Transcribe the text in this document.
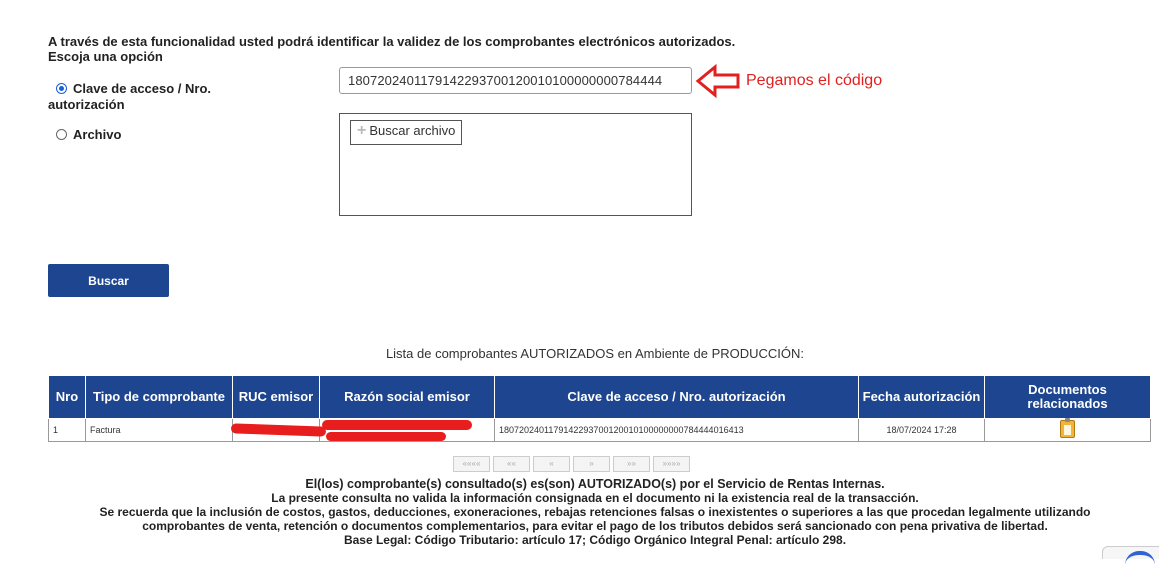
A través de esta funcionalidad usted podrá identificar la validez de los comprobantes electrónicos autorizados.
Escoja una opción
Clave de acceso / Nro.
autorización
Archivo
1807202401179142293700120010100000000784444
Pegamos el código
+ Buscar archivo
Buscar
Lista de comprobantes AUTORIZADOS en Ambiente de PRODUCCIÓN:
Nro	Tipo de comprobante	RUC emisor	Razón social emisor	Clave de acceso / Nro. autorización	Fecha autorización	Documentos relacionados
1	Factura			1807202401179142293700120010100000000784444016413	18/07/2024 17:28	
««««	««	«	»	»»	»»»»
El(los) comprobante(s) consultado(s) es(son) AUTORIZADO(s) por el Servicio de Rentas Internas.
La presente consulta no valida la información consignada en el documento ni la existencia real de la transacción.
Se recuerda que la inclusión de costos, gastos, deducciones, exoneraciones, rebajas retenciones falsas o inexistentes o superiores a las que procedan legalmente utilizando
comprobantes de venta, retención o documentos complementarios, para evitar el pago de los tributos debidos será sancionado con pena privativa de libertad.
Base Legal: Código Tributario: artículo 17; Código Orgánico Integral Penal: artículo 298.
